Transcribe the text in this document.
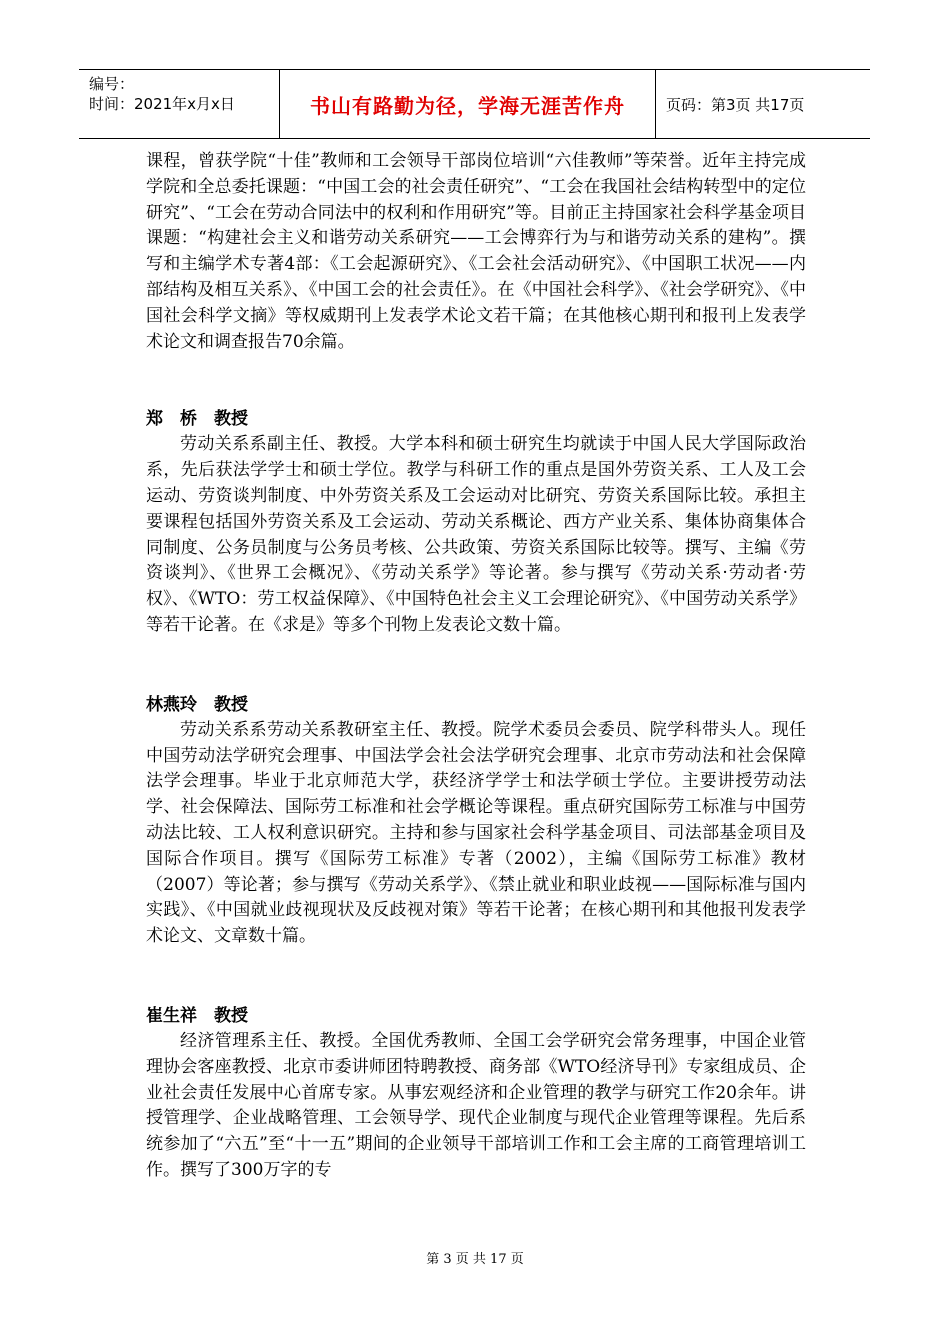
编号：
时间：2021年x月x日	书山有路勤为径，学海无涯苦作舟	页码：第3页 共17页

课程，曾获学院“十佳”教师和工会领导干部岗位培训“六佳教师”等荣誉。近年主持完成学院和全总委托课题：“中国工会的社会责任研究”、“工会在我国社会结构转型中的定位研究”、“工会在劳动合同法中的权利和作用研究”等。目前正主持国家社会科学基金项目课题：“构建社会主义和谐劳动关系研究——工会博弈行为与和谐劳动关系的建构”。撰写和主编学术专著4部：《工会起源研究》、《工会社会活动研究》、《中国职工状况——内部结构及相互关系》、《中国工会的社会责任》。在《中国社会科学》、《社会学研究》、《中国社会科学文摘》等权威期刊上发表学术论文若干篇；在其他核心期刊和报刊上发表学术论文和调查报告70余篇。

郑　桥　教授

劳动关系系副主任、教授。大学本科和硕士研究生均就读于中国人民大学国际政治系，先后获法学学士和硕士学位。教学与科研工作的重点是国外劳资关系、工人及工会运动、劳资谈判制度、中外劳资关系及工会运动对比研究、劳资关系国际比较。承担主要课程包括国外劳资关系及工会运动、劳动关系概论、西方产业关系、集体协商集体合同制度、公务员制度与公务员考核、公共政策、劳资关系国际比较等。撰写、主编《劳资谈判》、《世界工会概况》、《劳动关系学》等论著。参与撰写《劳动关系·劳动者·劳权》、《WTO：劳工权益保障》、《中国特色社会主义工会理论研究》、《中国劳动关系学》等若干论著。在《求是》等多个刊物上发表论文数十篇。

林燕玲　教授

劳动关系系劳动关系教研室主任、教授。院学术委员会委员、院学科带头人。现任中国劳动法学研究会理事、中国法学会社会法学研究会理事、北京市劳动法和社会保障法学会理事。毕业于北京师范大学，获经济学学士和法学硕士学位。主要讲授劳动法学、社会保障法、国际劳工标准和社会学概论等课程。重点研究国际劳工标准与中国劳动法比较、工人权利意识研究。主持和参与国家社会科学基金项目、司法部基金项目及国际合作项目。撰写《国际劳工标准》专著（2002），主编《国际劳工标准》教材（2007）等论著；参与撰写《劳动关系学》、《禁止就业和职业歧视——国际标准与国内实践》、《中国就业歧视现状及反歧视对策》等若干论著；在核心期刊和其他报刊发表学术论文、文章数十篇。

崔生祥　教授

经济管理系主任、教授。全国优秀教师、全国工会学研究会常务理事，中国企业管理协会客座教授、北京市委讲师团特聘教授、商务部《WTO经济导刊》专家组成员、企业社会责任发展中心首席专家。从事宏观经济和企业管理的教学与研究工作20余年。讲授管理学、企业战略管理、工会领导学、现代企业制度与现代企业管理等课程。先后系统参加了“六五”至“十一五”期间的企业领导干部培训工作和工会主席的工商管理培训工作。撰写了300万字的专

第 3 页 共 17 页
